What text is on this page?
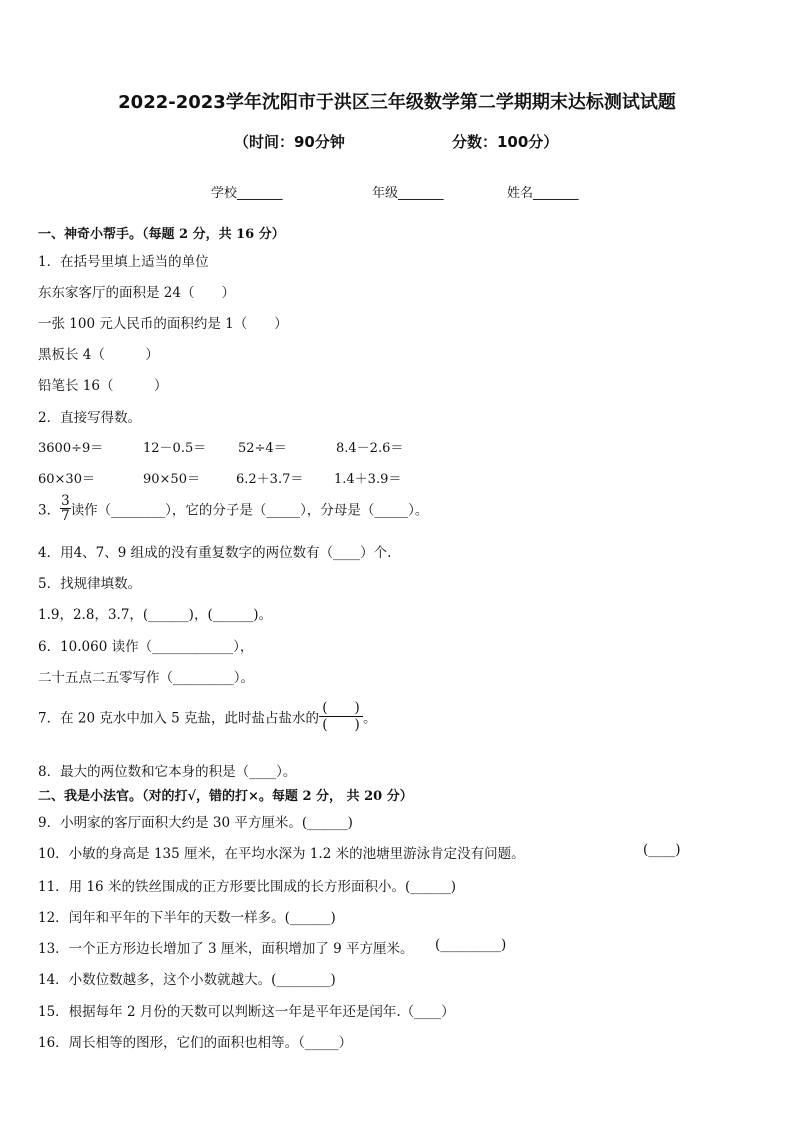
2022-2023学年沈阳市于洪区三年级数学第二学期期末达标测试试题
（时间：90分钟	分数：100分）
学校_______	年级_______	姓名_______
一、神奇小帮手。（每题 2 分，共 16 分）
1．在括号里填上适当的单位
东东家客厅的面积是 24（　　）
一张 100 元人民币的面积约是 1（　　）
黑板长 4（　　　）
铅笔长 16（　　　）
2．直接写得数。
3600÷9＝	12－0.5＝ 52÷4＝	8.4－2.6＝
60×30＝	90×50＝	6.2＋3.7＝ 1.4＋3.9＝
3． $\frac{3}{7}$ 读作（________），它的分子是（_____），分母是（_____）。
4．用4、7、9 组成的没有重复数字的两位数有（____）个.
5．找规律填数。
1.9，2.8，3.7，(______)，(______)。
6．10.060 读作（____________），
二十五点二五零写作（_________）。
7．在 20 克水中加入 5 克盐，此时盐占盐水的
(　　)
(　　) 。
8．最大的两位数和它本身的积是（____）。
二、我是小法官。（对的打√，错的打×。每题 2 分， 共 20 分）
9．小明家的客厅面积大约是 30 平方厘米。(______)
10．小敏的身高是 135 厘米，在平均水深为 1.2 米的池塘里游泳肯定没有问题。	(____)
11．用 16 米的铁丝围成的正方形要比围成的长方形面积小。(______)
12．闰年和平年的下半年的天数一样多。(______)
13．一个正方形边长增加了 3 厘米，面积增加了 9 平方厘米。 (_________)
14．小数位数越多，这个小数就越大。(________)
15．根据每年 2 月份的天数可以判断这一年是平年还是闰年.（____）
16．周长相等的图形，它们的面积也相等。（_____）
